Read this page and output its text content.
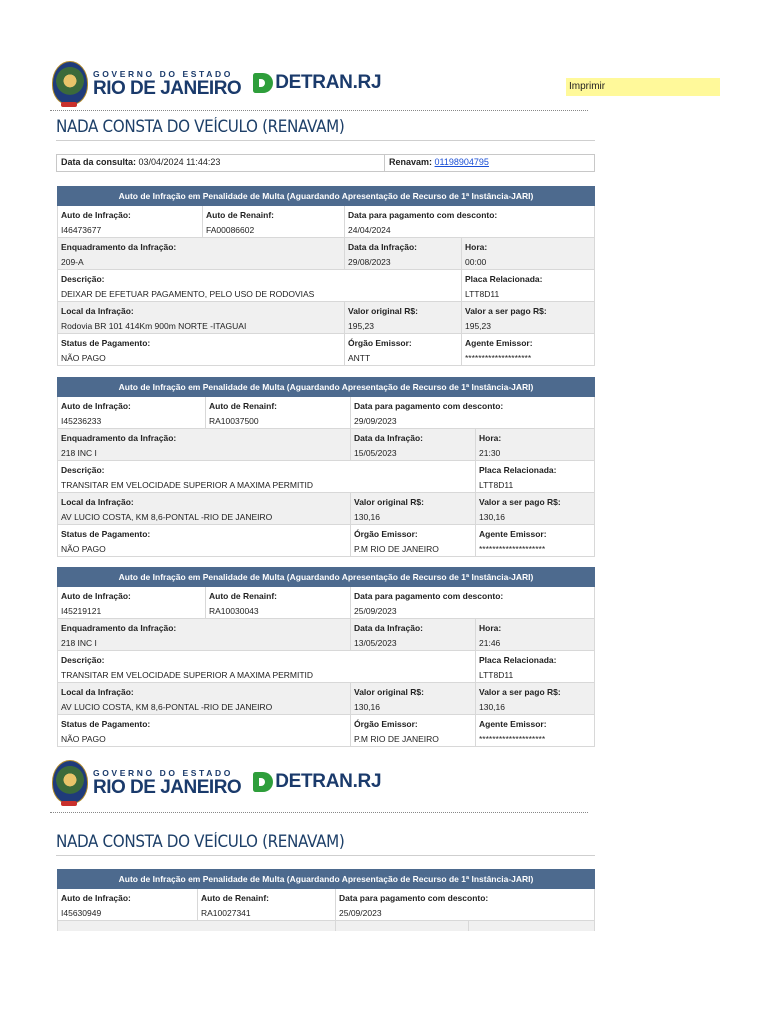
GOVERNO DO ESTADO
RIO DE JANEIRO DETRAN.RJ	Imprimir
NADA CONSTA DO VEÍCULO (RENAVAM)
Data da consulta: 03/04/2024 11:44:23	Renavam: 01198904795
Auto de Infração em Penalidade de Multa (Aguardando Apresentação de Recurso de 1ª Instância-JARI)
Auto de Infração:
I46473677
Auto de Renainf:
FA00086602
Data para pagamento com desconto:
24/04/2024
Enquadramento da Infração:
209-A
Data da Infração:
29/08/2023
Hora:
00:00
Descrição:
DEIXAR DE EFETUAR PAGAMENTO, PELO USO DE RODOVIAS
Placa Relacionada:
LTT8D11
Local da Infração:
Rodovia BR 101 414Km 900m NORTE -ITAGUAI
Valor original R$:
195,23
Valor a ser pago R$:
195,23
Status de Pagamento:
NÃO PAGO
Órgão Emissor:
ANTT
Agente Emissor:
********************
Auto de Infração em Penalidade de Multa (Aguardando Apresentação de Recurso de 1ª Instância-JARI)
Auto de Infração:
I45236233
Auto de Renainf:
RA10037500
Data para pagamento com desconto:
29/09/2023
Enquadramento da Infração:
218 INC I
Data da Infração:
15/05/2023
Hora:
21:30
Descrição:
TRANSITAR EM VELOCIDADE SUPERIOR A MAXIMA PERMITID
Placa Relacionada:
LTT8D11
Local da Infração:
AV LUCIO COSTA, KM 8,6-PONTAL -RIO DE JANEIRO
Valor original R$:
130,16
Valor a ser pago R$:
130,16
Status de Pagamento:
NÃO PAGO
Órgão Emissor:
P.M RIO DE JANEIRO
Agente Emissor:
********************
Auto de Infração em Penalidade de Multa (Aguardando Apresentação de Recurso de 1ª Instância-JARI)
Auto de Infração:
I45219121
Auto de Renainf:
RA10030043
Data para pagamento com desconto:
25/09/2023
Enquadramento da Infração:
218 INC I
Data da Infração:
13/05/2023
Hora:
21:46
Descrição:
TRANSITAR EM VELOCIDADE SUPERIOR A MAXIMA PERMITID
Placa Relacionada:
LTT8D11
Local da Infração:
AV LUCIO COSTA, KM 8,6-PONTAL -RIO DE JANEIRO
Valor original R$:
130,16
Valor a ser pago R$:
130,16
Status de Pagamento:
NÃO PAGO
Órgão Emissor:
P.M RIO DE JANEIRO
Agente Emissor:
********************
GOVERNO DO ESTADO
RIO DE JANEIRO DETRAN.RJ
NADA CONSTA DO VEÍCULO (RENAVAM)
Auto de Infração em Penalidade de Multa (Aguardando Apresentação de Recurso de 1ª Instância-JARI)
Auto de Infração:
I45630949
Auto de Renainf:
RA10027341
Data para pagamento com desconto:
25/09/2023
